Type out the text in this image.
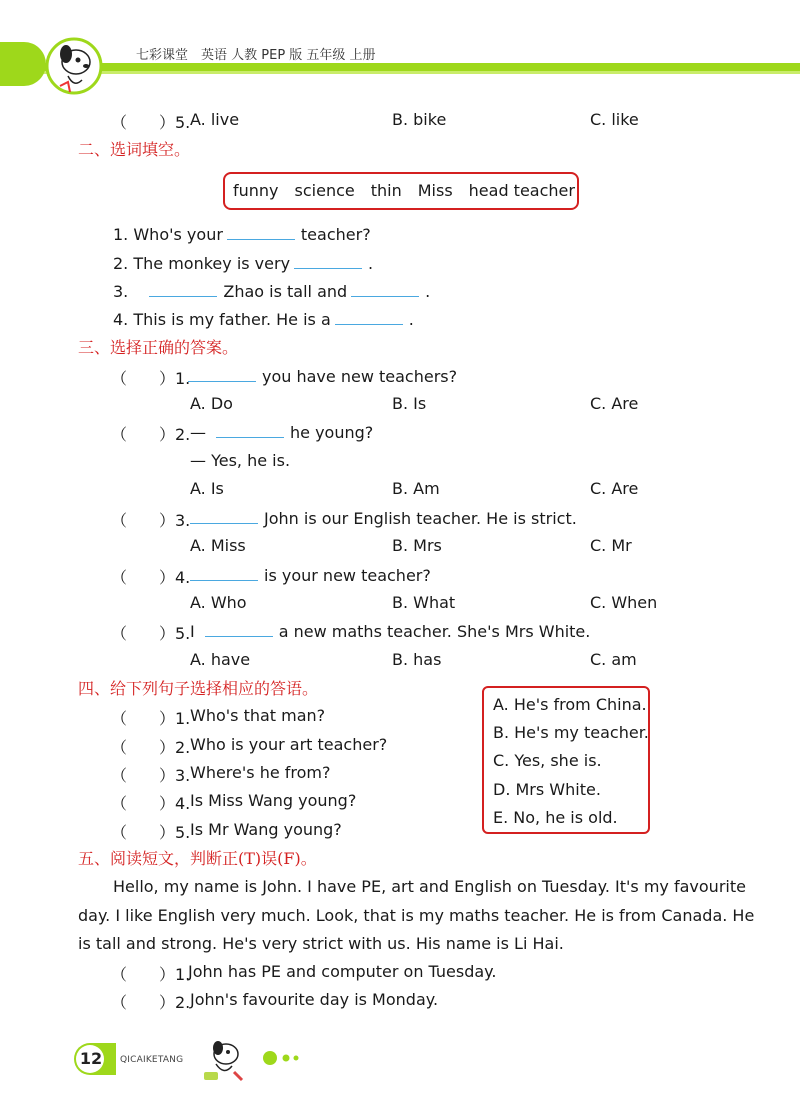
七彩课堂　英语 人教 PEP 版 五年级 上册
（　　）5. A. live	B. bike	C. like
二、选词填空。
funny　science　thin　Miss　head teacher
1. Who's your	teacher?
2. The monkey is very	.
3.	Zhao is tall and	.
4. This is my father. He is a	.
三、选择正确的答案。
（　　）1.	you have new teachers?
A. Do	B. Is	C. Are
（　　）2. —	he young?
— Yes, he is.
A. Is	B. Am	C. Are
（　　）3.	John is our English teacher. He is strict.
A. Miss	B. Mrs	C. Mr
（　　）4.	is your new teacher?
A. Who	B. What	C. When
（　　）5. I	a new maths teacher. She's Mrs White.
A. have	B. has	C. am
四、给下列句子选择相应的答语。
（　　）1. Who's that man?
（　　）2. Who is your art teacher?
（　　）3. Where's he from?
（　　）4. Is Miss Wang young?
（　　）5. Is Mr Wang young?
A. He's from China.
B. He's my teacher.
C. Yes, she is.
D. Mrs White.
E. No, he is old.
五、阅读短文，判断正(T)误(F)。
Hello, my name is John. I have PE, art and English on Tuesday. It's my favourite
day. I like English very much. Look, that is my maths teacher. He is from Canada. He
is tall and strong. He's very strict with us. His name is Li Hai.
（　　）1.
John has PE and computer on Tuesday.
（　　）2. John's favourite day is Monday.
12 QICAIKETANG
